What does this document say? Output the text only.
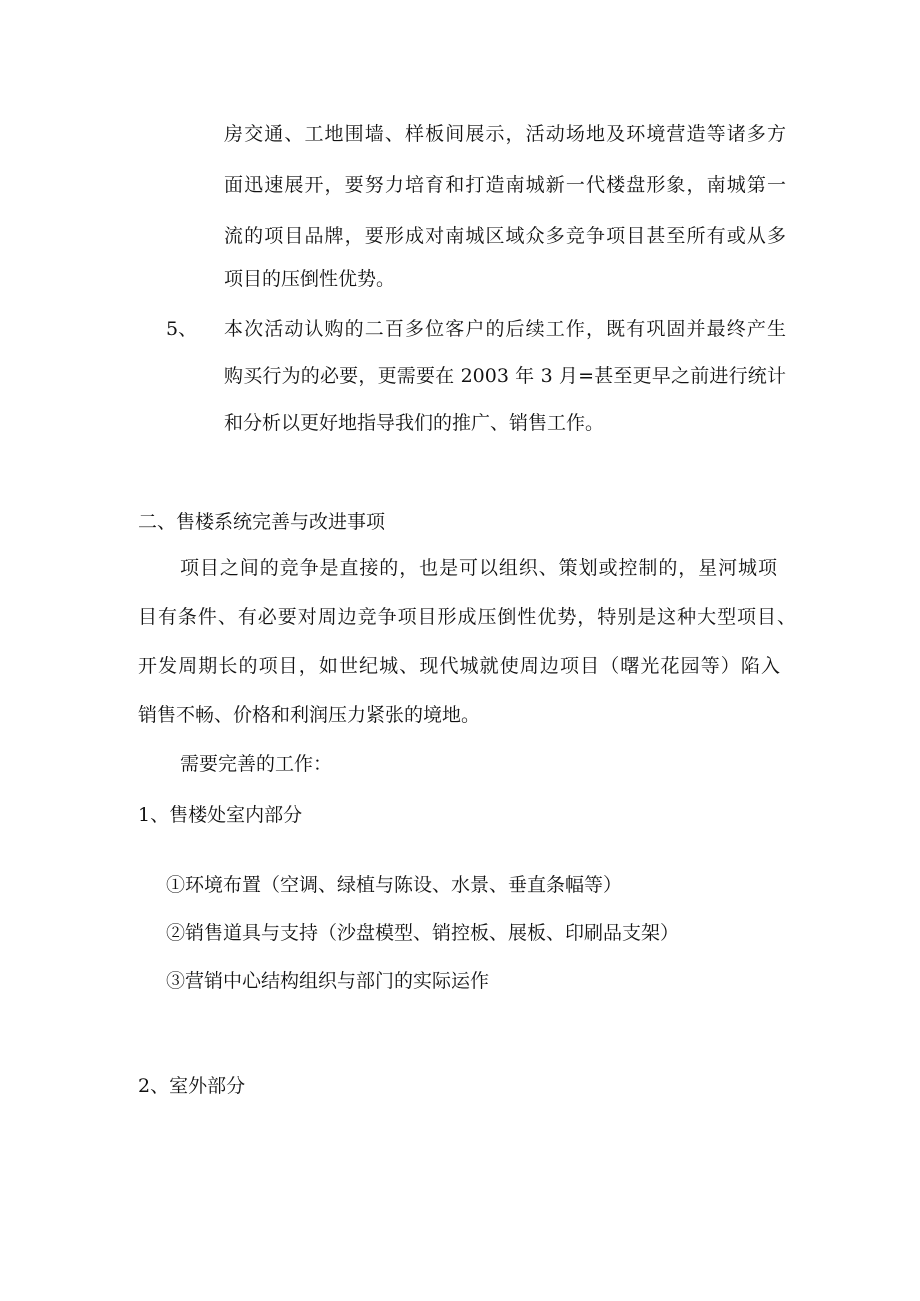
房交通、工地围墙、样板间展示，活动场地及环境营造等诸多方
面迅速展开，要努力培育和打造南城新一代楼盘形象，南城第一
流的项目品牌，要形成对南城区域众多竞争项目甚至所有或从多
项目的压倒性优势。
5、 本次活动认购的二百多位客户的后续工作，既有巩固并最终产生
购买行为的必要，更需要在 2003 年 3 月=甚至更早之前进行统计
和分析以更好地指导我们的推广、销售工作。
二、售楼系统完善与改进事项
项目之间的竞争是直接的，也是可以组织、策划或控制的，星河城项
目有条件、有必要对周边竞争项目形成压倒性优势，特别是这种大型项目、
开发周期长的项目，如世纪城、现代城就使周边项目（曙光花园等）陷入
销售不畅、价格和利润压力紧张的境地。
需要完善的工作：
1、售楼处室内部分
①环境布置（空调、绿植与陈设、水景、垂直条幅等）
②销售道具与支持（沙盘模型、销控板、展板、印刷品支架）
③营销中心结构组织与部门的实际运作
2、室外部分
